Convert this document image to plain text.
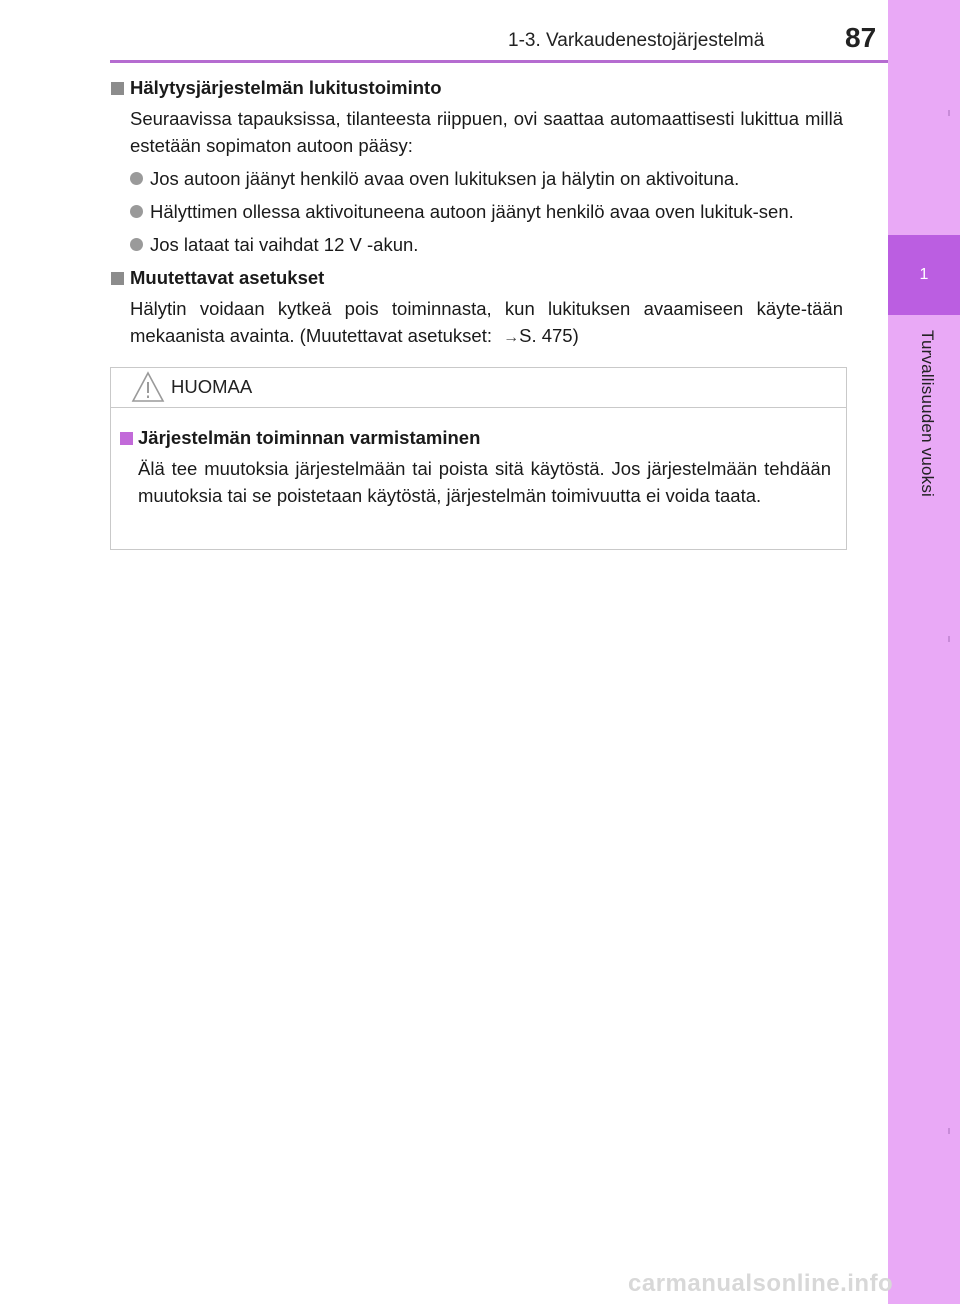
1-3. Varkaudenestojärjestelmä	87
1
Turvallisuuden vuoksi
Hälytysjärjestelmän lukitustoiminto
Seuraavissa tapauksissa, tilanteesta riippuen, ovi saattaa automaattisesti lukittua millä estetään sopimaton autoon pääsy:
Jos autoon jäänyt henkilö avaa oven lukituksen ja hälytin on aktivoituna.
Hälyttimen ollessa aktivoituneena autoon jäänyt henkilö avaa oven lukituk-sen.
Jos lataat tai vaihdat 12 V -akun.
Muutettavat asetukset
Hälytin voidaan kytkeä pois toiminnasta, kun lukituksen avaamiseen käyte-tään mekaanista avainta. (Muutettavat asetukset: →S. 475)
HUOMAA
Järjestelmän toiminnan varmistaminen
Älä tee muutoksia järjestelmään tai poista sitä käytöstä. Jos järjestelmään tehdään muutoksia tai se poistetaan käytöstä, järjestelmän toimivuutta ei voida taata.
carmanualsonline.info
